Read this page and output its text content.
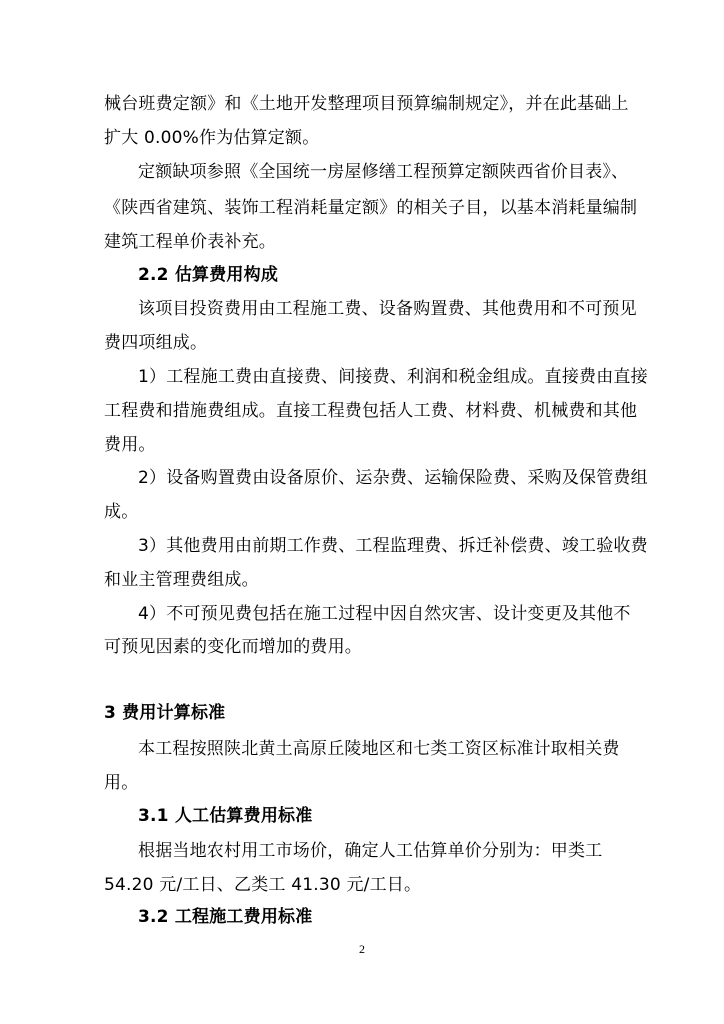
械台班费定额》和《土地开发整理项目预算编制规定》，并在此基础上
扩大 0.00%作为估算定额。
定额缺项参照《全国统一房屋修缮工程预算定额陕西省价目表》、
《陕西省建筑、装饰工程消耗量定额》的相关子目，以基本消耗量编制
建筑工程单价表补充。
2.2 估算费用构成
该项目投资费用由工程施工费、设备购置费、其他费用和不可预见
费四项组成。
1）工程施工费由直接费、间接费、利润和税金组成。直接费由直接
工程费和措施费组成。直接工程费包括人工费、材料费、机械费和其他
费用。
2）设备购置费由设备原价、运杂费、运输保险费、采购及保管费组
成。
3）其他费用由前期工作费、工程监理费、拆迁补偿费、竣工验收费
和业主管理费组成。
4）不可预见费包括在施工过程中因自然灾害、设计变更及其他不
可预见因素的变化而增加的费用。
3 费用计算标准
本工程按照陕北黄土高原丘陵地区和七类工资区标准计取相关费
用。
3.1 人工估算费用标准
根据当地农村用工市场价，确定人工估算单价分别为：甲类工
54.20 元/工日、乙类工 41.30 元/工日。
3.2 工程施工费用标准
2
